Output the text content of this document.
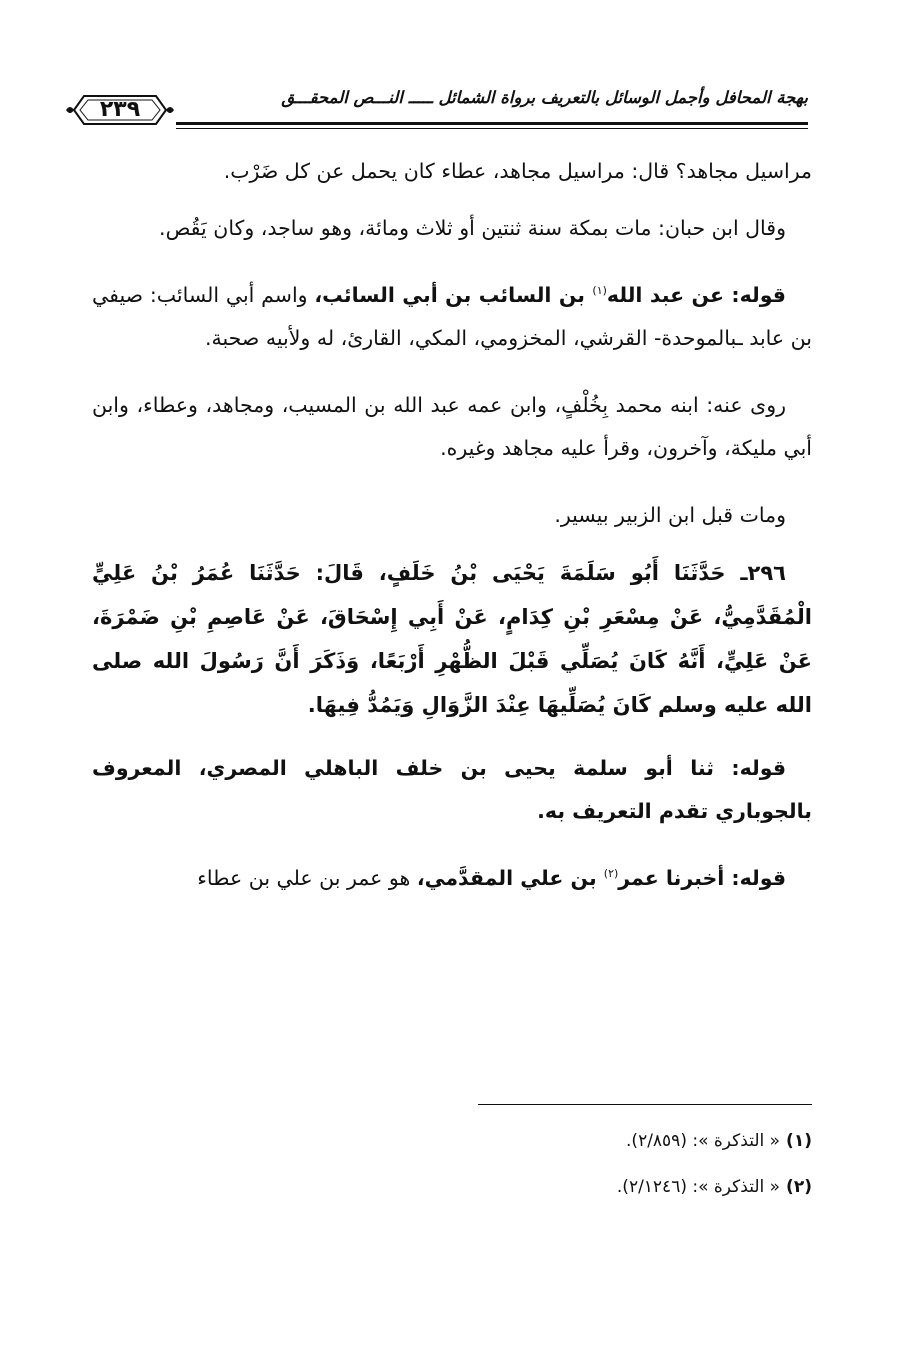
٢٣٩	بهجة المحافل وأجمل الوسائل بالتعريف برواة الشمائل ـــــ النـــص المحقـــق

مراسيل مجاهد؟ قال: مراسيل مجاهد، عطاء كان يحمل عن كل ضَرْب.

وقال ابن حبان: مات بمكة سنة ثنتين أو ثلاث ومائة، وهو ساجد، وكان يَقُص.

قوله: عن عبد الله$^{(١)}$ بن السائب بن أبي السائب، واسم أبي السائب: صيفي بن عابد ـبالموحدة- القرشي، المخزومي، المكي، القارئ، له ولأبيه صحبة.

روى عنه: ابنه محمد بِخُلْفٍ، وابن عمه عبد الله بن المسيب، ومجاهد، وعطاء، وابن أبي مليكة، وآخرون، وقرأ عليه مجاهد وغيره.

ومات قبل ابن الزبير بيسير.

٢٩٦ـ حَدَّثَنَا أَبُو سَلَمَةَ يَحْيَى بْنُ خَلَفٍ، قَالَ: حَدَّثَنَا عُمَرُ بْنُ عَلِيٍّ الْمُقَدَّمِيُّ، عَنْ مِسْعَرِ بْنِ كِدَامٍ، عَنْ أَبِي إِسْحَاقَ، عَنْ عَاصِمِ بْنِ ضَمْرَةَ، عَنْ عَلِيٍّ، أَنَّهُ كَانَ يُصَلِّي قَبْلَ الظُّهْرِ أَرْبَعًا، وَذَكَرَ أَنَّ رَسُولَ الله صلى الله عليه وسلم كَانَ يُصَلِّيهَا عِنْدَ الزَّوَالِ وَيَمُدُّ فِيهَا.

قوله: ثنا أبو سلمة يحيى بن خلف الباهلي المصري، المعروف بالجوباري تقدم التعريف به.

قوله: أخبرنا عمر$^{(٢)}$ بن علي المقدَّمي، هو عمر بن علي بن عطاء

(١)« التذكرة »: (٢/٨٥٩).
(٢)« التذكرة »: (٢/١٢٤٦).
